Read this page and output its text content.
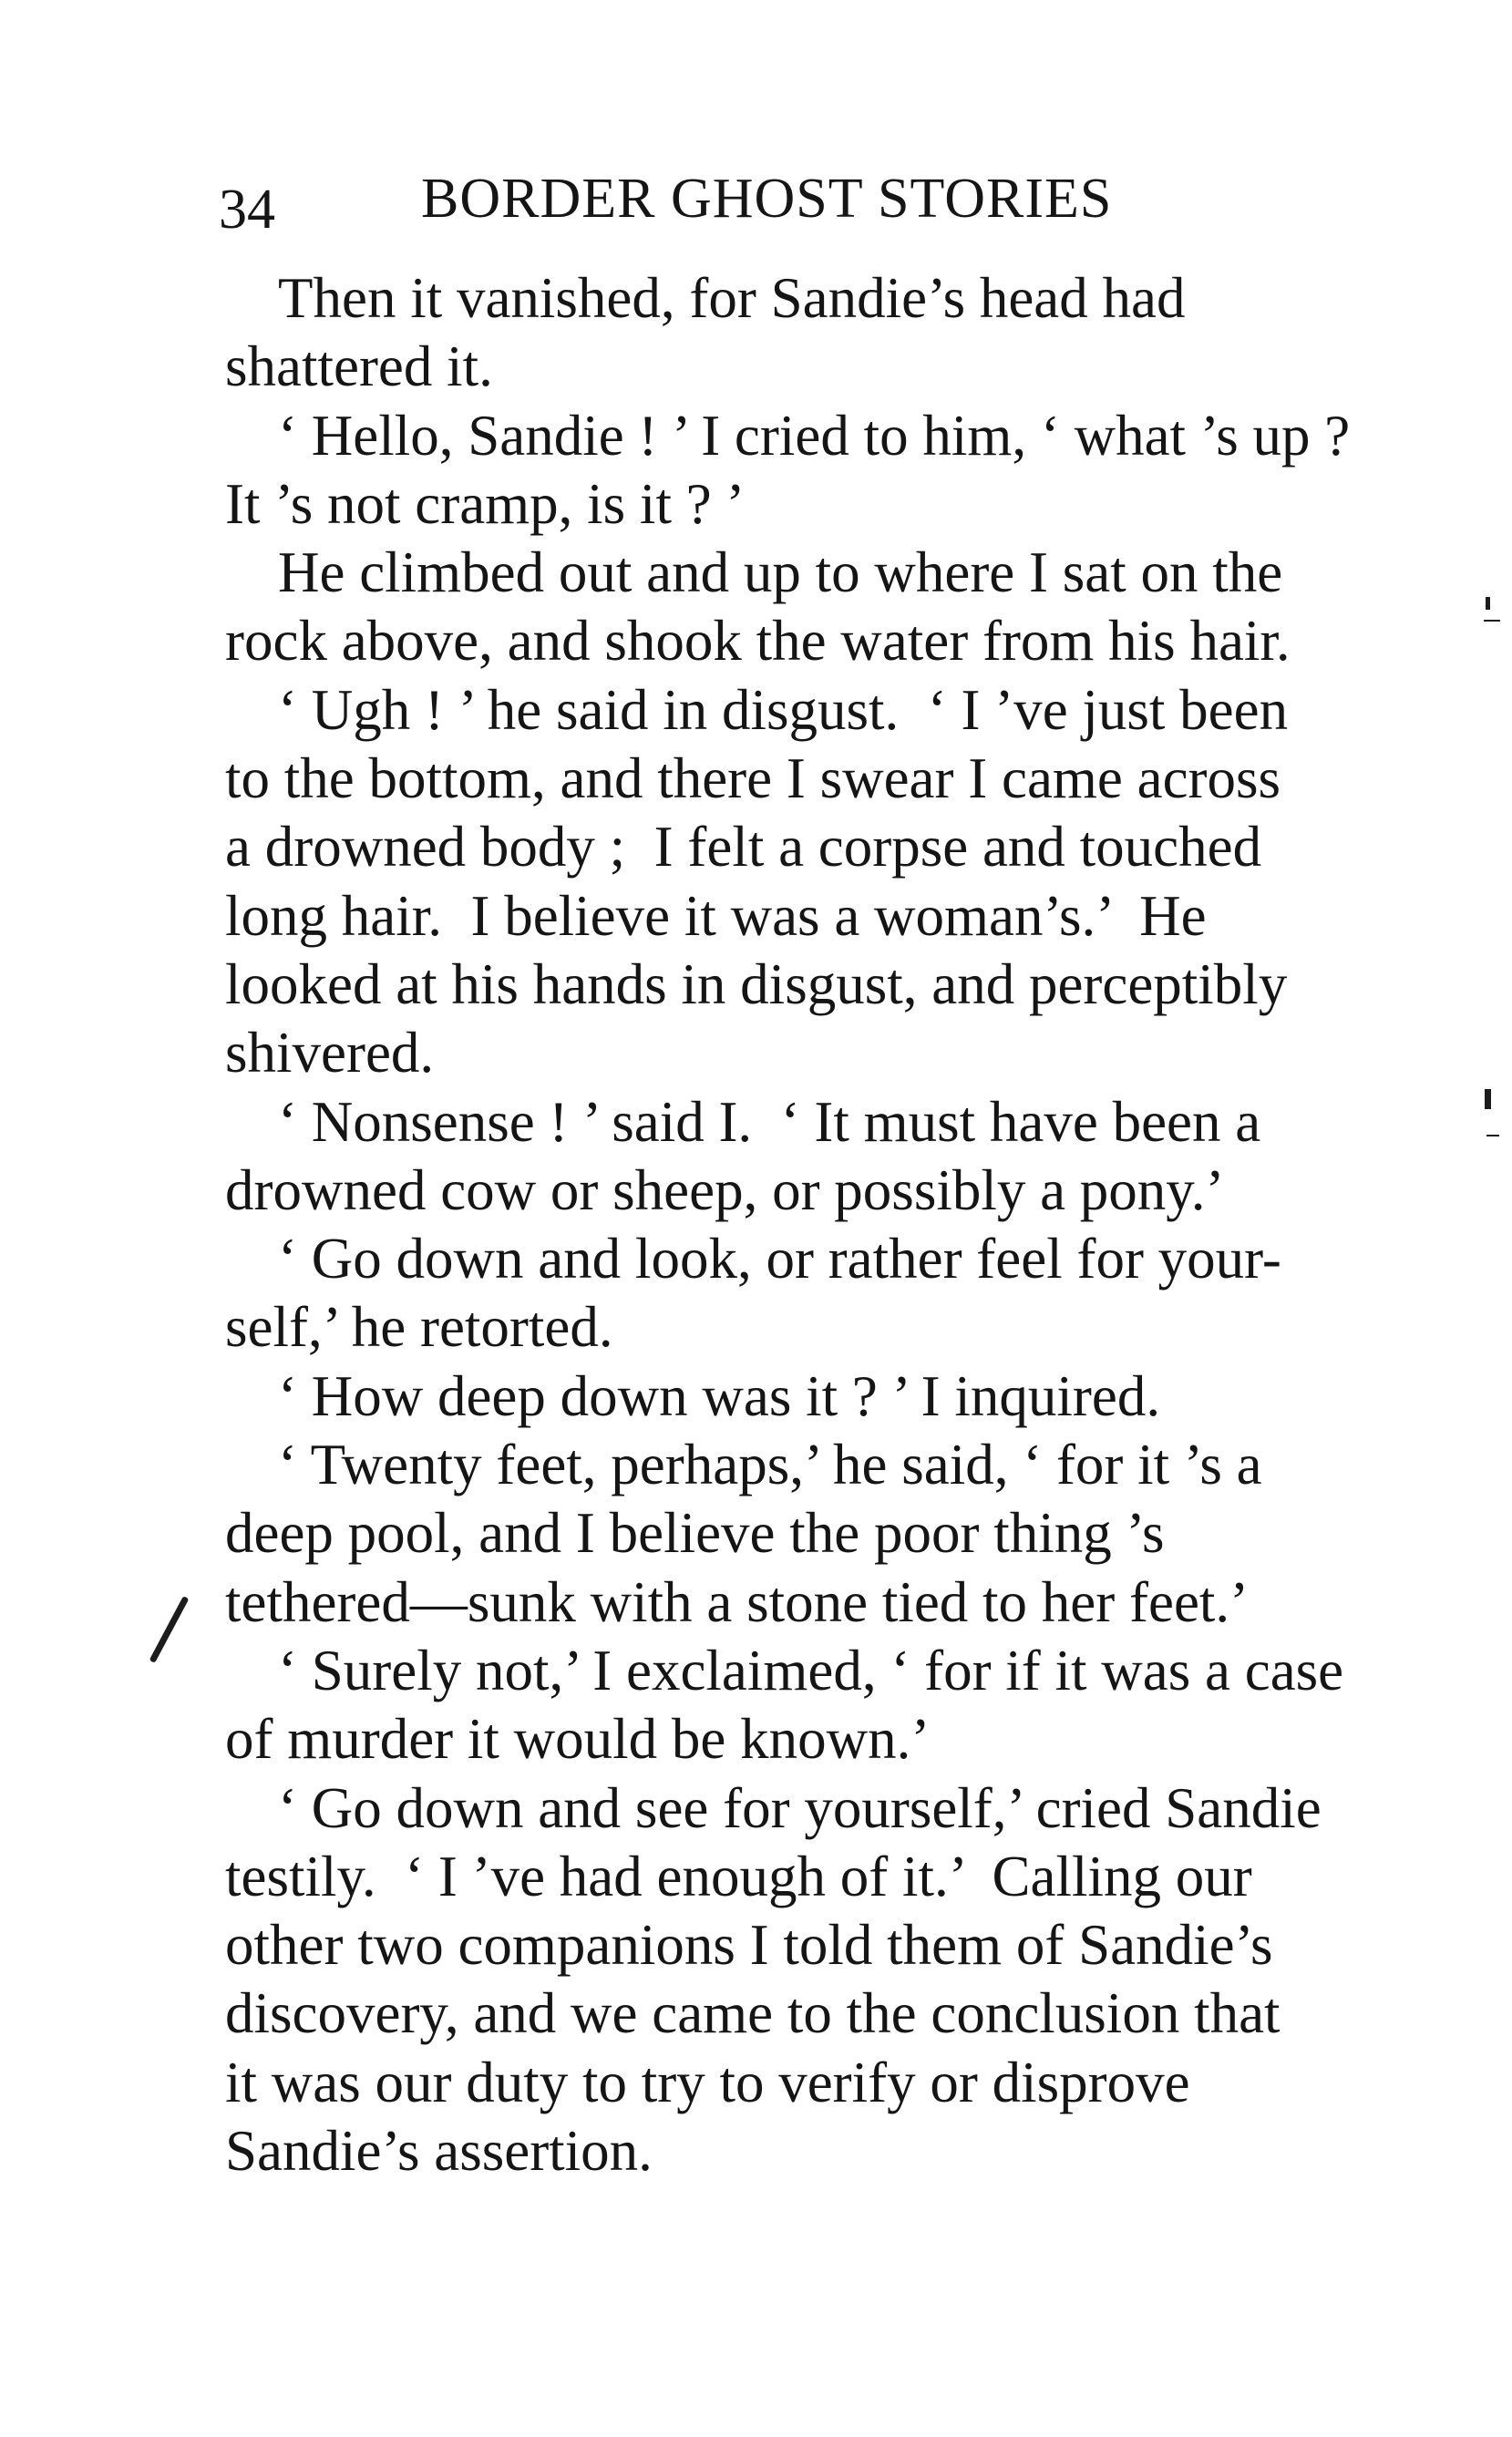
34	BORDER GHOST STORIES
Then it vanished, for Sandie’s head had
shattered it.
‘ Hello, Sandie ! ’ I cried to him, ‘ what ’s up ?
It ’s not cramp, is it ? ’
He climbed out and up to where I sat on the
rock above, and shook the water from his hair.
‘ Ugh ! ’ he said in disgust.  ‘ I ’ve just been
to the bottom, and there I swear I came across
a drowned body ;  I felt a corpse and touched
long hair.  I believe it was a woman’s.’  He
looked at his hands in disgust, and perceptibly
shivered.
‘ Nonsense ! ’ said I.  ‘ It must have been a
drowned cow or sheep, or possibly a pony.’
‘ Go down and look, or rather feel for your-
self,’ he retorted.
‘ How deep down was it ? ’ I inquired.
‘ Twenty feet, perhaps,’ he said, ‘ for it ’s a
deep pool, and I believe the poor thing ’s
tethered—sunk with a stone tied to her feet.’
‘ Surely not,’ I exclaimed, ‘ for if it was a case
of murder it would be known.’
‘ Go down and see for yourself,’ cried Sandie
testily.  ‘ I ’ve had enough of it.’  Calling our
other two companions I told them of Sandie’s
discovery, and we came to the conclusion that
it was our duty to try to verify or disprove
Sandie’s assertion.
